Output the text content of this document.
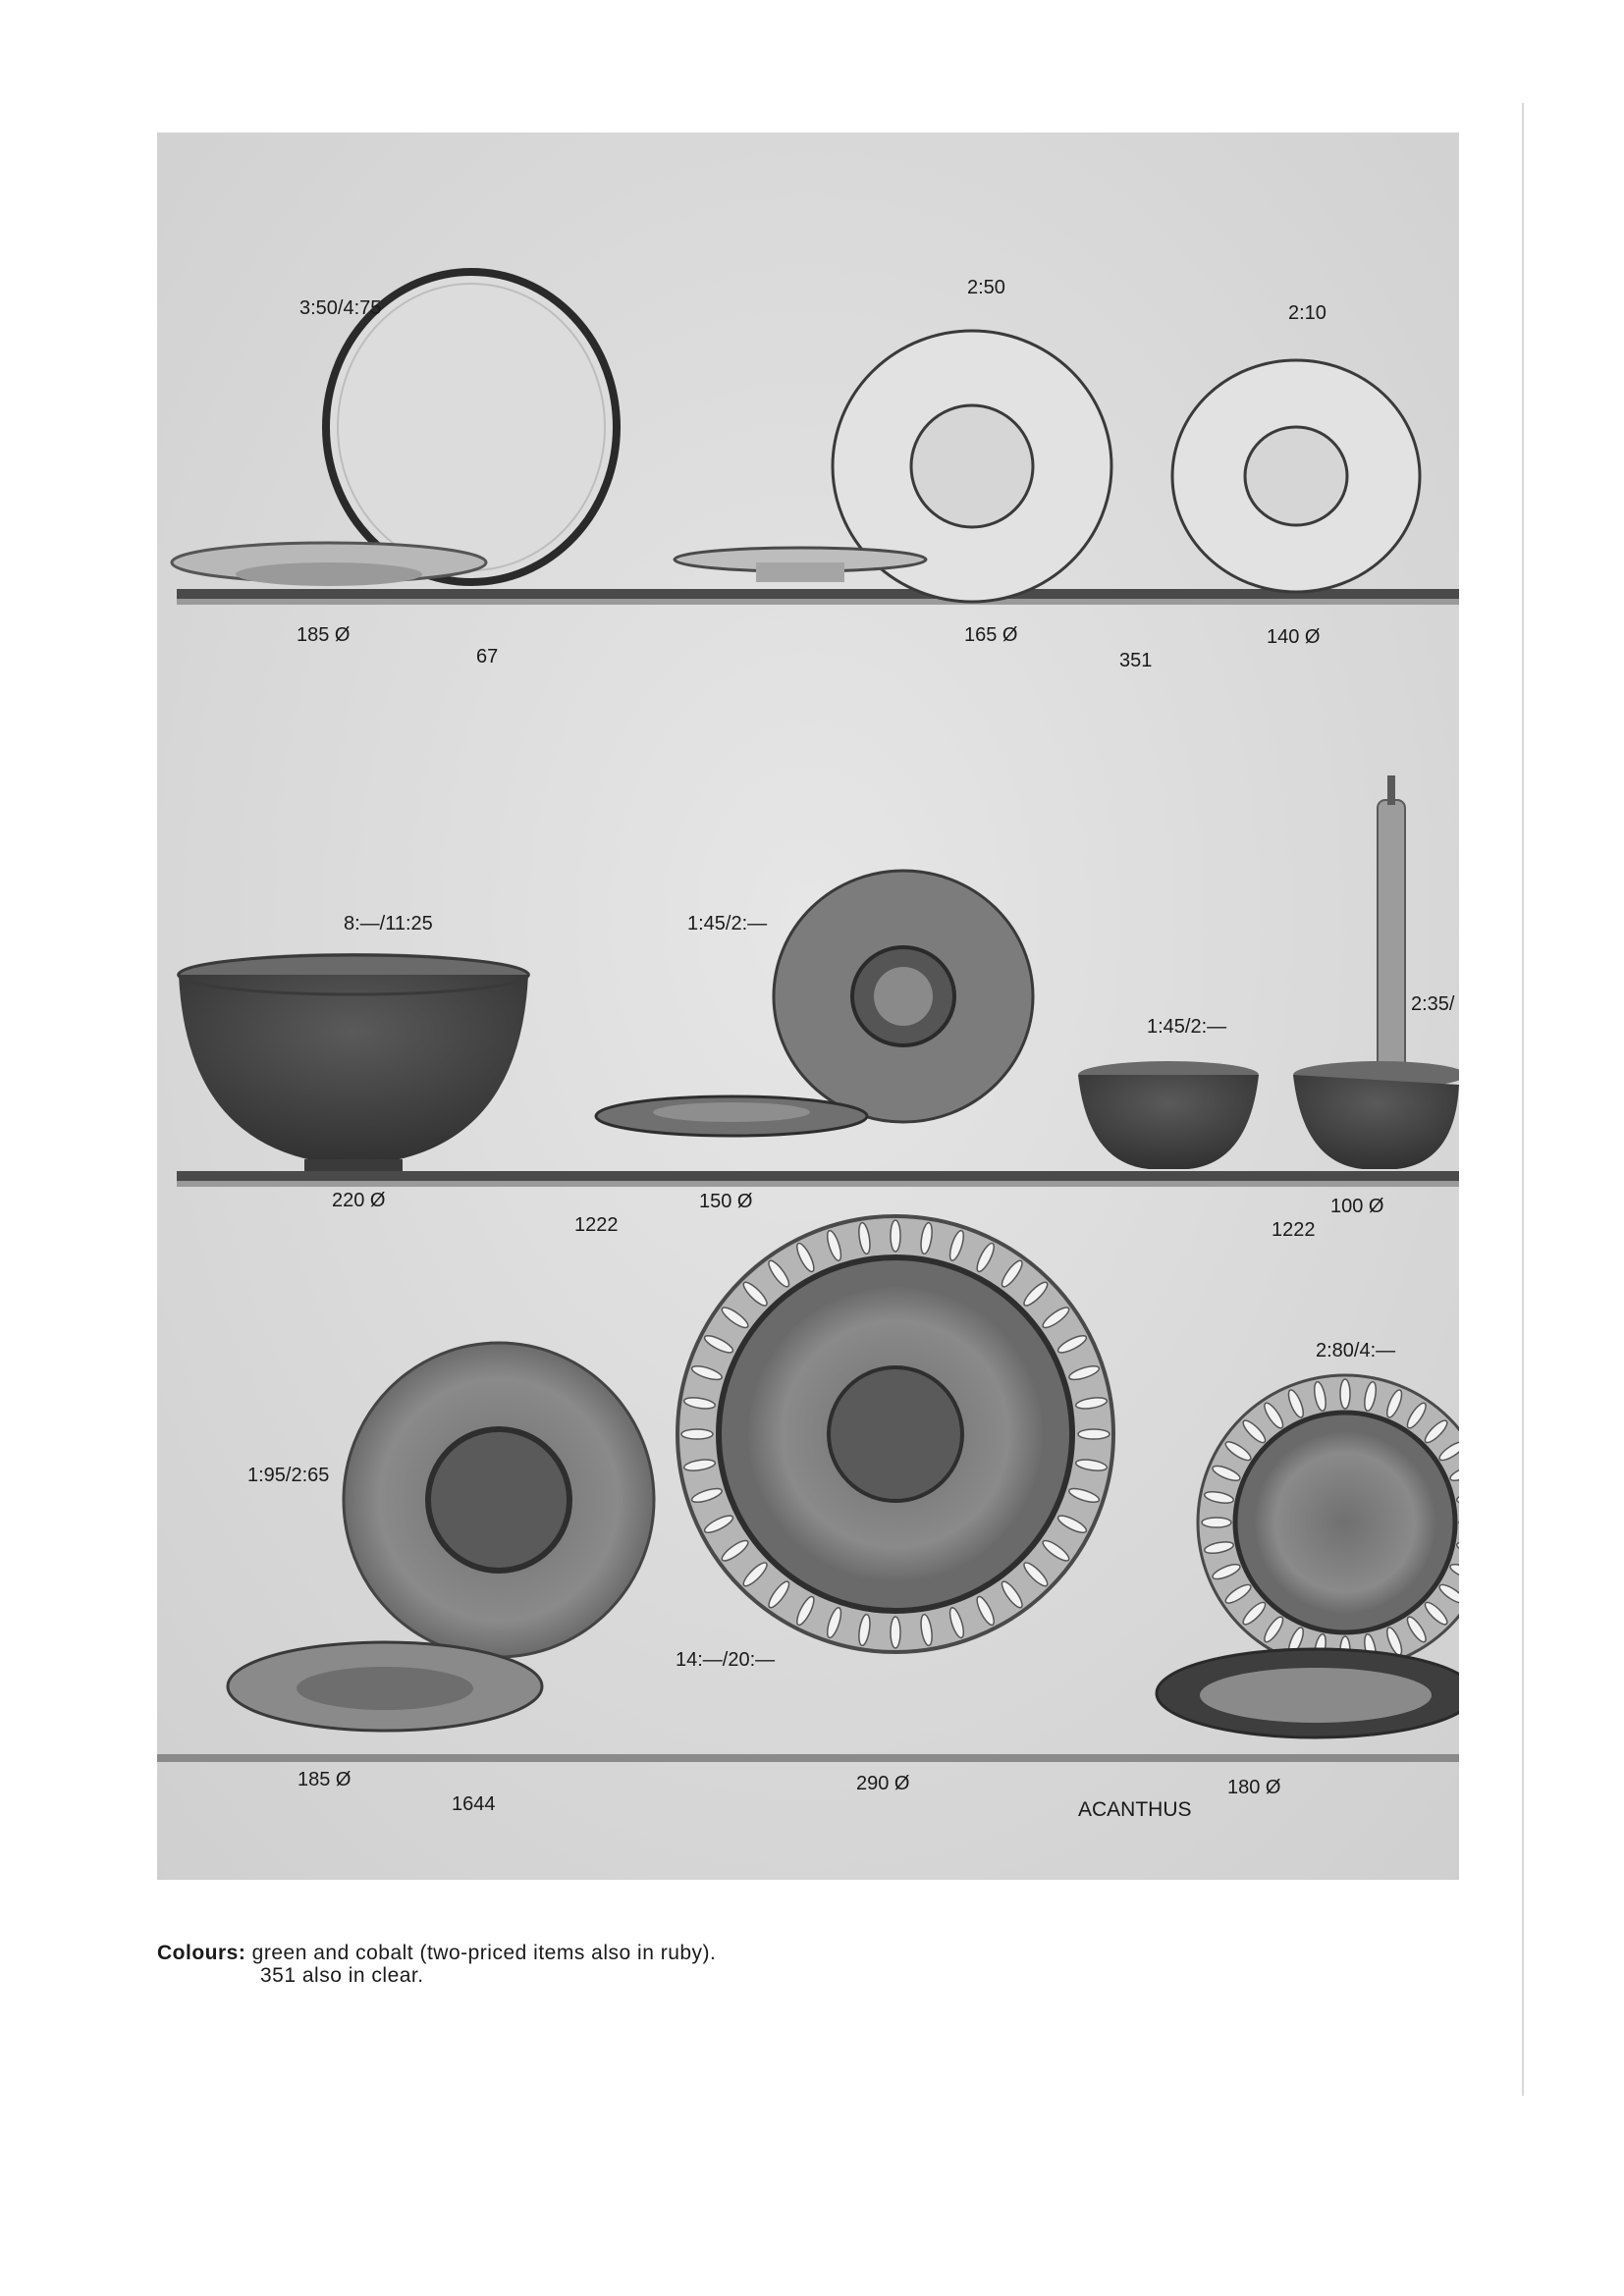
3:50/4:75
2:50
2:10
185 Ø
67
165 Ø
351
140 Ø
8:—/11:25	1:45/2:—
1:45/2:—
2:35/
220 Ø
1222
150 Ø
1222
100 Ø
1:95/2:65
14:—/20:—
2:80/4:—
185 Ø
1644
290 Ø
ACANTHUS
180 Ø
Colours: green and cobalt (two-priced items also in ruby).
351 also in clear.
